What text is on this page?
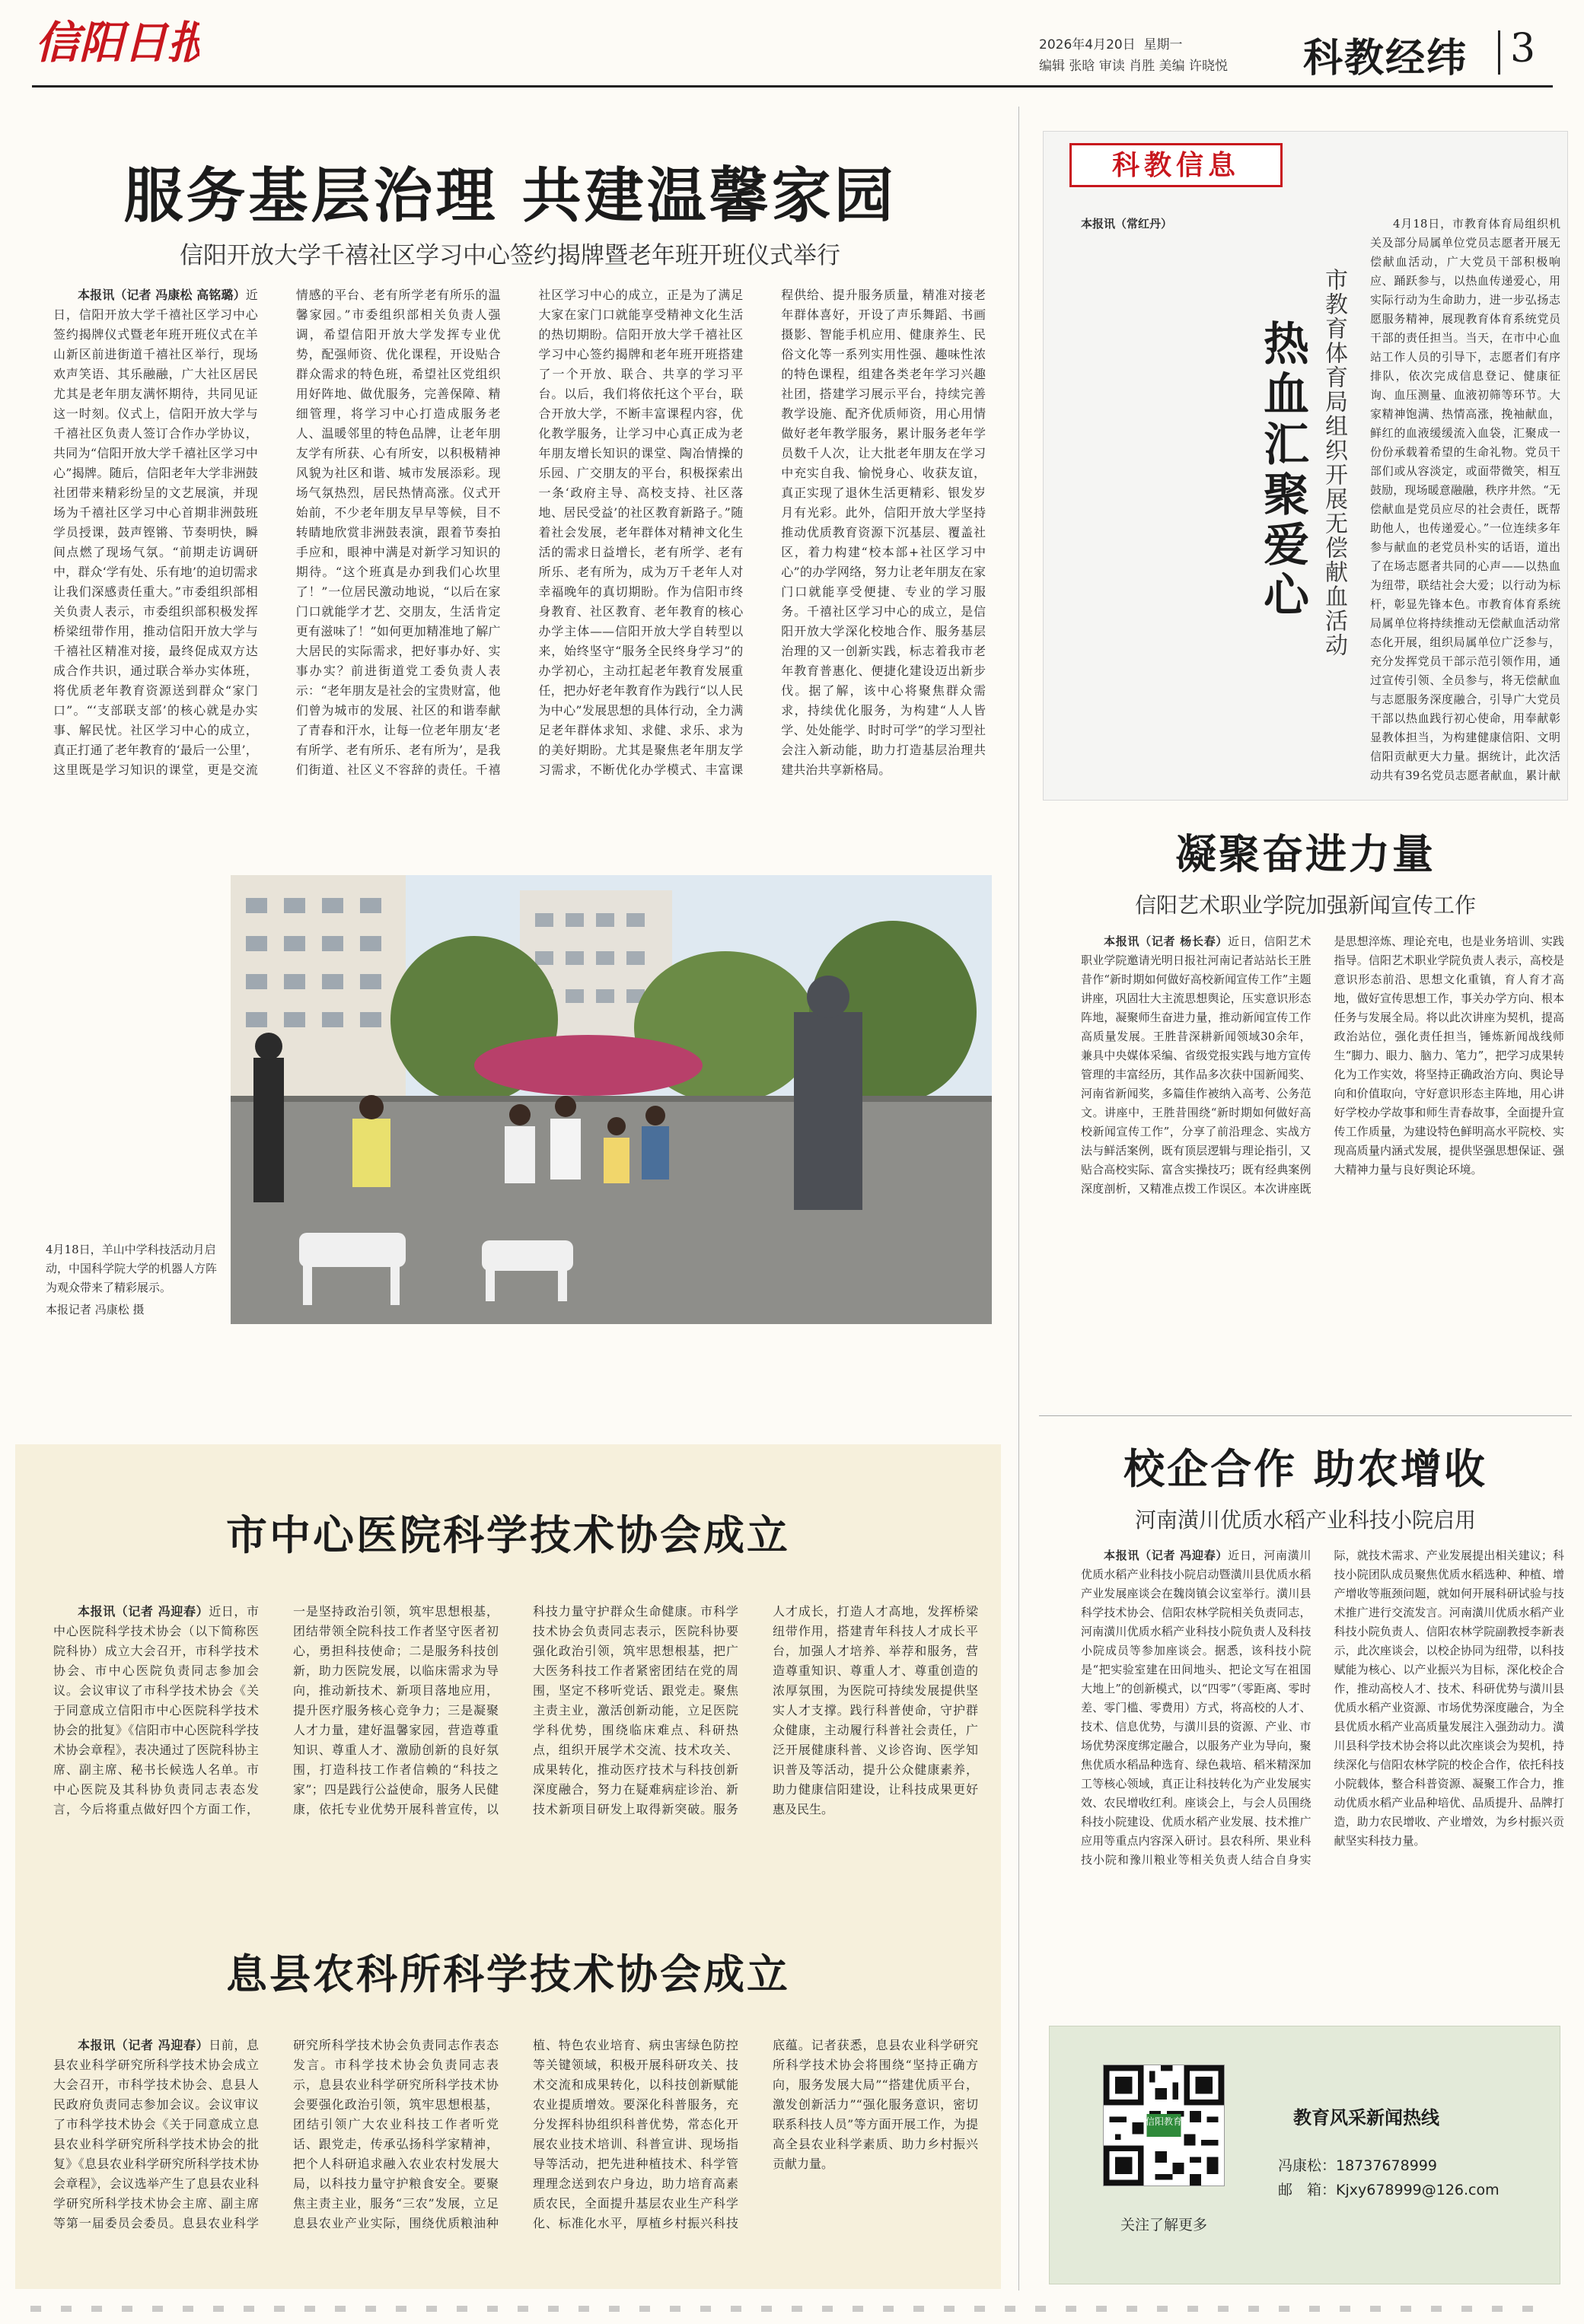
信阳日报	2026年4月20日 星期一
编辑 张晗 审读 肖胜 美编 许晓悦 科教经纬 3
服务基层治理 共建温馨家园
信阳开放大学千禧社区学习中心签约揭牌暨老年班开班仪式举行

本报讯（记者 冯康松 高铭璐）近日，信阳开放大学千禧社区学习中心签约揭牌仪式暨老年班开班仪式在羊山新区前进街道千禧社区举行，现场欢声笑语、其乐融融，广大社区居民尤其是老年朋友满怀期待，共同见证这一时刻。仪式上，信阳开放大学与千禧社区负责人签订合作办学协议，共同为“信阳开放大学千禧社区学习中心”揭牌。随后，信阳老年大学非洲鼓社团带来精彩纷呈的文艺展演，并现场为千禧社区学习中心首期非洲鼓班学员授课，鼓声铿锵、节奏明快，瞬间点燃了现场气氛。“前期走访调研中，群众‘学有处、乐有地’的迫切需求让我们深感责任重大。”市委组织部相关负责人表示，市委组织部积极发挥桥梁纽带作用，推动信阳开放大学与千禧社区精准对接，最终促成双方达成合作共识，通过联合举办实体班，将优质老年教育资源送到群众“家门口”。“‘支部联支部’的核心就是办实事、解民忧。社区学习中心的成立，真正打通了老年教育的‘最后一公里’，这里既是学习知识的课堂，更是交流情感的平台、老有所学老有所乐的温馨家园。”市委组织部相关负责人强调，希望信阳开放大学发挥专业优势，配强师资、优化课程，开设贴合群众需求的特色班，希望社区党组织用好阵地、做优服务，完善保障、精细管理，将学习中心打造成服务老人、温暖邻里的特色品牌，让老年朋友学有所获、心有所安，以积极精神风貌为社区和谐、城市发展添彩。现场气氛热烈，居民热情高涨。仪式开始前，不少老年朋友早早等候，目不转睛地欣赏非洲鼓表演，跟着节奏拍手应和，眼神中满是对新学习知识的期待。“这个班真是办到我们心坎里了！”一位居民激动地说，“以后在家门口就能学才艺、交朋友，生活肯定更有滋味了！”如何更加精准地了解广大居民的实际需求，把好事办好、实事办实？前进街道党工委负责人表示：“老年朋友是社会的宝贵财富，他们曾为城市的发展、社区的和谐奉献了青春和汗水，让每一位老年朋友‘老有所学、老有所乐、老有所为’，是我们街道、社区义不容辞的责任。千禧社区学习中心的成立，正是为了满足大家在家门口就能享受精神文化生活的热切期盼。信阳开放大学千禧社区学习中心签约揭牌和老年班开班搭建了一个开放、联合、共享的学习平台。以后，我们将依托这个平台，联合开放大学，不断丰富课程内容，优化教学服务，让学习中心真正成为老年朋友增长知识的课堂、陶冶情操的乐园、广交朋友的平台，积极探索出一条‘政府主导、高校支持、社区落地、居民受益’的社区教育新路子。”随着社会发展，老年群体对精神文化生活的需求日益增长，老有所学、老有所乐、老有所为，成为万千老年人对幸福晚年的真切期盼。作为信阳市终身教育、社区教育、老年教育的核心办学主体——信阳开放大学自转型以来，始终坚守“服务全民终身学习”的办学初心，主动扛起老年教育发展重任，把办好老年教育作为践行“以人民为中心”发展思想的具体行动，全力满足老年群体求知、求健、求乐、求为的美好期盼。尤其是聚焦老年朋友学习需求，不断优化办学模式、丰富课程供给、提升服务质量，精准对接老年群体喜好，开设了声乐舞蹈、书画摄影、智能手机应用、健康养生、民俗文化等一系列实用性强、趣味性浓的特色课程，组建各类老年学习兴趣社团，搭建学习展示平台，持续完善教学设施、配齐优质师资，用心用情做好老年教学服务，累计服务老年学员数千人次，让大批老年朋友在学习中充实自我、愉悦身心、收获友谊，真正实现了退休生活更精彩、银发岁月有光彩。此外，信阳开放大学坚持推动优质教育资源下沉基层、覆盖社区，着力构建“校本部+社区学习中心”的办学网络，努力让老年朋友在家门口就能享受便捷、专业的学习服务。千禧社区学习中心的成立，是信阳开放大学深化校地合作、服务基层治理的又一创新实践，标志着我市老年教育普惠化、便捷化建设迈出新步伐。据了解，该中心将聚焦群众需求，持续优化服务，为构建“人人皆学、处处能学、时时可学”的学习型社会注入新动能，助力打造基层治理共建共治共享新格局。

4月18日，羊山中学科技活动月启动，中国科学院大学的机器人方阵为观众带来了精彩展示。
本报记者 冯康松 摄
市中心医院科学技术协会成立

本报讯（记者 冯迎春）近日，市中心医院科学技术协会（以下简称医院科协）成立大会召开，市科学技术协会、市中心医院负责同志参加会议。会议审议了市科学技术协会《关于同意成立信阳市中心医院科学技术协会的批复》《信阳市中心医院科学技术协会章程》，表决通过了医院科协主席、副主席、秘书长候选人名单。市中心医院及其科协负责同志表态发言，今后将重点做好四个方面工作，一是坚持政治引领，筑牢思想根基，团结带领全院科技工作者坚守医者初心，勇担科技使命；二是服务科技创新，助力医院发展，以临床需求为导向，推动新技术、新项目落地应用，提升医疗服务核心竞争力；三是凝聚人才力量，建好温馨家园，营造尊重知识、尊重人才、激励创新的良好氛围，打造科技工作者信赖的“科技之家”；四是践行公益使命，服务人民健康，依托专业优势开展科普宣传，以科技力量守护群众生命健康。市科学技术协会负责同志表示，医院科协要强化政治引领，筑牢思想根基，把广大医务科技工作者紧密团结在党的周围，坚定不移听党话、跟党走。聚焦主责主业，激活创新动能，立足医院学科优势，围绕临床难点、科研热点，组织开展学术交流、技术攻关、成果转化，推动医疗技术与科技创新深度融合，努力在疑难病症诊治、新技术新项目研发上取得新突破。服务人才成长，打造人才高地，发挥桥梁纽带作用，搭建青年科技人才成长平台，加强人才培养、举荐和服务，营造尊重知识、尊重人才、尊重创造的浓厚氛围，为医院可持续发展提供坚实人才支撑。践行科普使命，守护群众健康，主动履行科普社会责任，广泛开展健康科普、义诊咨询、医学知识普及等活动，提升公众健康素养，助力健康信阳建设，让科技成果更好惠及民生。

息县农科所科学技术协会成立

本报讯（记者 冯迎春）日前，息县农业科学研究所科学技术协会成立大会召开，市科学技术协会、息县人民政府负责同志参加会议。会议审议了市科学技术协会《关于同意成立息县农业科学研究所科学技术协会的批复》《息县农业科学研究所科学技术协会章程》，会议选举产生了息县农业科学研究所科学技术协会主席、副主席等第一届委员会委员。息县农业科学研究所科学技术协会负责同志作表态发言。市科学技术协会负责同志表示，息县农业科学研究所科学技术协会要强化政治引领，筑牢思想根基，团结引领广大农业科技工作者听党话、跟党走，传承弘扬科学家精神，把个人科研追求融入农业农村发展大局，以科技力量守护粮食安全。要聚焦主责主业，服务“三农”发展，立足息县农业产业实际，围绕优质粮油种植、特色农业培育、病虫害绿色防控等关键领域，积极开展科研攻关、技术交流和成果转化，以科技创新赋能农业提质增效。要深化科普服务，充分发挥科协组织科普优势，常态化开展农业技术培训、科普宣讲、现场指导等活动，把先进种植技术、科学管理理念送到农户身边，助力培育高素质农民，全面提升基层农业生产科学化、标准化水平，厚植乡村振兴科技底蕴。记者获悉，息县农业科学研究所科学技术协会将围绕“坚持正确方向，服务发展大局”“搭建优质平台，激发创新活力”“强化服务意识，密切联系科技人员”等方面开展工作，为提高全县农业科学素质、助力乡村振兴贡献力量。

科教信息

本报讯（常红丹）

热血汇聚爱心 市教育体育局组织开展无偿献血活动

4月18日，市教育体育局组织机关及部分局属单位党员志愿者开展无偿献血活动，广大党员干部积极响应、踊跃参与，以热血传递爱心，用实际行动为生命助力，进一步弘扬志愿服务精神，展现教育体育系统党员干部的责任担当。当天，在市中心血站工作人员的引导下，志愿者们有序排队，依次完成信息登记、健康征询、血压测量、血液初筛等环节。大家精神饱满、热情高涨，挽袖献血，鲜红的血液缓缓流入血袋，汇聚成一份份承载着希望的生命礼物。党员干部们或从容淡定，或面带微笑，相互鼓励，现场暖意融融，秩序井然。“无偿献血是党员应尽的社会责任，既帮助他人，也传递爱心。”一位连续多年参与献血的老党员朴实的话语，道出了在场志愿者共同的心声——以热血为纽带，联结社会大爱；以行动为标杆，彰显先锋本色。市教育体育系统局属单位将持续推动无偿献血活动常态化开展，组织局属单位广泛参与，充分发挥党员干部示范引领作用，通过宣传引领、全员参与，将无偿献血与志愿服务深度融合，引导广大党员干部以热血践行初心使命，用奉献彰显教体担当，为构建健康信阳、文明信阳贡献更大力量。据统计，此次活动共有39名党员志愿者献血，累计献

凝聚奋进力量
信阳艺术职业学院加强新闻宣传工作

本报讯（记者 杨长春）近日，信阳艺术职业学院邀请光明日报社河南记者站站长王胜昔作“新时期如何做好高校新闻宣传工作”主题讲座，巩固壮大主流思想舆论，压实意识形态阵地，凝聚师生奋进力量，推动新闻宣传工作高质量发展。王胜昔深耕新闻领域30余年，兼具中央媒体采编、省级党报实践与地方宣传管理的丰富经历，其作品多次获中国新闻奖、河南省新闻奖，多篇佳作被纳入高考、公务范文。讲座中，王胜昔围绕“新时期如何做好高校新闻宣传工作”，分享了前沿理念、实战方法与鲜活案例，既有顶层逻辑与理论指引，又贴合高校实际、富含实操技巧；既有经典案例深度剖析，又精准点拨工作误区。本次讲座既是思想淬炼、理论充电，也是业务培训、实践指导。信阳艺术职业学院负责人表示，高校是意识形态前沿、思想文化重镇，育人育才高地，做好宣传思想工作，事关办学方向、根本任务与发展全局。将以此次讲座为契机，提高政治站位，强化责任担当，锤炼新闻战线师生“脚力、眼力、脑力、笔力”，把学习成果转化为工作实效，将坚持正确政治方向、舆论导向和价值取向，守好意识形态主阵地，用心讲好学校办学故事和师生青春故事，全面提升宣传工作质量，为建设特色鲜明高水平院校、实现高质量内涵式发展，提供坚强思想保证、强大精神力量与良好舆论环境。

校企合作 助农增收
河南潢川优质水稻产业科技小院启用

本报讯（记者 冯迎春）近日，河南潢川优质水稻产业科技小院启动暨潢川县优质水稻产业发展座谈会在魏岗镇会议室举行。潢川县科学技术协会、信阳农林学院相关负责同志，河南潢川优质水稻产业科技小院负责人及科技小院成员等参加座谈会。据悉，该科技小院是“把实验室建在田间地头、把论文写在祖国大地上”的创新模式，以“四零”（零距离、零时差、零门槛、零费用）方式，将高校的人才、技术、信息优势，与潢川县的资源、产业、市场优势深度绑定融合，以服务产业为导向，聚焦优质水稻品种选育、绿色栽培、稻米精深加工等核心领域，真正让科技转化为产业发展实效、农民增收红利。座谈会上，与会人员围绕科技小院建设、优质水稻产业发展、技术推广应用等重点内容深入研讨。县农科所、果业科技小院和豫川粮业等相关负责人结合自身实际，就技术需求、产业发展提出相关建议；科技小院团队成员聚焦优质水稻选种、种植、增产增收等瓶颈问题，就如何开展科研试验与技术推广进行交流发言。河南潢川优质水稻产业科技小院负责人、信阳农林学院副教授李新表示，此次座谈会，以校企协同为纽带，以科技赋能为核心、以产业振兴为目标，深化校企合作，推动高校人才、技术、科研优势与潢川县优质水稻产业资源、市场优势深度融合，为全县优质水稻产业高质量发展注入强劲动力。潢川县科学技术协会将以此次座谈会为契机，持续深化与信阳农林学院的校企合作，依托科技小院载体，整合科普资源、凝聚工作合力，推动优质水稻产业品种培优、品质提升、品牌打造，助力农民增收、产业增效，为乡村振兴贡献坚实科技力量。

信阳教育
关注了解更多
教育风采新闻热线
冯康松：18737678999
邮　箱：Kjxy678999@126.com
